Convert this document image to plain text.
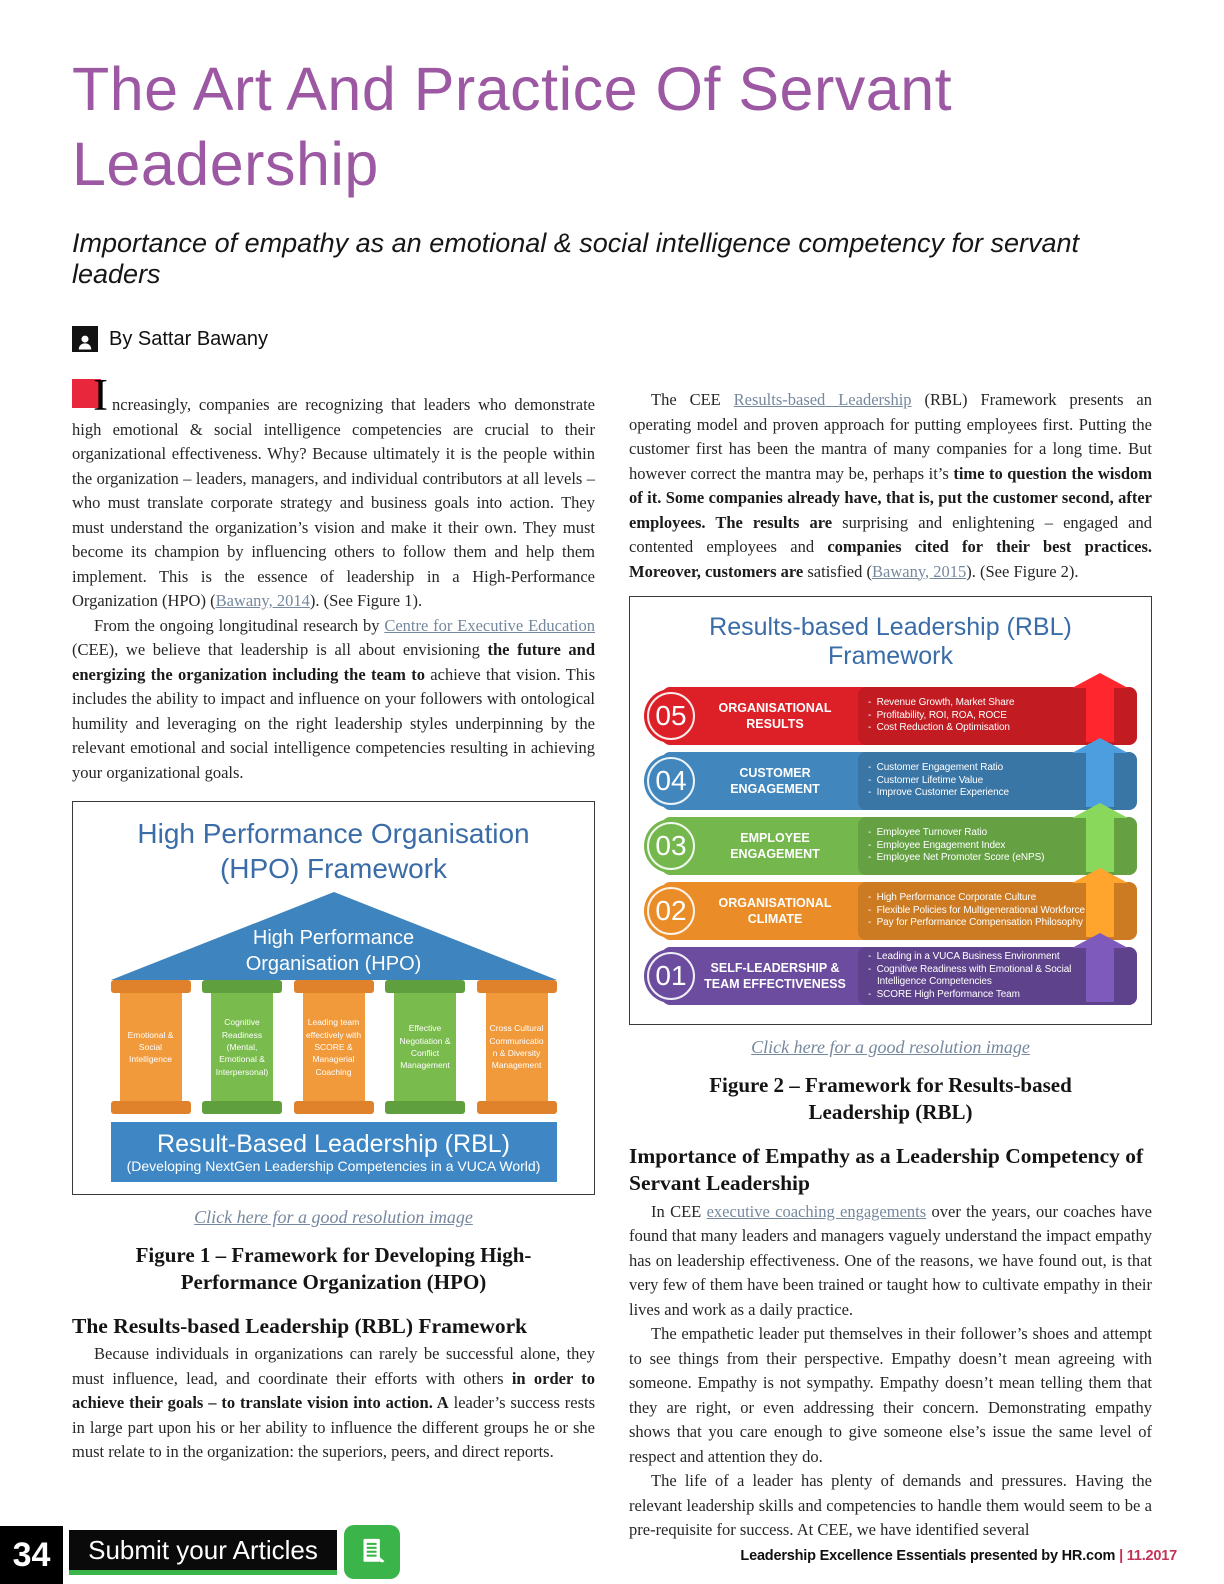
The Art And Practice Of Servant Leadership
Importance of empathy as an emotional & social intelligence competency for servant leaders
By Sattar Bawany

I ncreasingly, companies are recognizing that leaders who demonstrate high emotional & social intelligence competencies are crucial to their organizational effectiveness. Why? Because ultimately it is the people within the organization – leaders, managers, and individual contributors at all levels – who must translate corporate strategy and business goals into action. They must understand the organization’s vision and make it their own. They must become its champion by influencing others to follow them and help them implement. This is the essence of leadership in a High-Performance Organization (HPO) (Bawany, 2014). (See Figure 1).

From the ongoing longitudinal research by Centre for Executive Education (CEE), we believe that leadership is all about envisioning the future and energizing the organization including the team to achieve that vision. This includes the ability to impact and influence on your followers with ontological humility and leveraging on the right leadership styles underpinning by the relevant emotional and social intelligence competencies resulting in achieving your organizational goals.

High Performance Organisation
(HPO) Framework
High Performance
Organisation (HPO)
Emotional & Social Intelligence
Cognitive Readiness (Mental, Emotional & Interpersonal)
Leading team effectively with SCORE & Managerial Coaching
Effective Negotiation & Conflict Management
Cross Cultural Communicatio n & Diversity Management
Result-Based Leadership (RBL)
(Developing NextGen Leadership Competencies in a VUCA World)
Click here for a good resolution image
Figure 1 – Framework for Developing High-Performance Organization (HPO)
The Results-based Leadership (RBL) Framework

Because individuals in organizations can rarely be successful alone, they must influence, lead, and coordinate their efforts with others in order to achieve their goals – to translate vision into action. A leader’s success rests in large part upon his or her ability to influence the different groups he or she must relate to in the organization: the superiors, peers, and direct reports.

The CEE Results-based Leadership (RBL) Framework presents an operating model and proven approach for putting employees first. Putting the customer first has been the mantra of many companies for a long time. But however correct the mantra may be, perhaps it’s time to question the wisdom of it. Some companies already have, that is, put the customer second, after employees. The results are surprising and enlightening – engaged and contented employees and companies cited for their best practices. Moreover, customers are satisfied (Bawany, 2015). (See Figure 2).

Results-based Leadership (RBL) Framework
ORGANISATIONAL RESULTS
- Revenue Growth, Market Share
- Profitability, ROI, ROA, ROCE
- Cost Reduction & Optimisation
05
CUSTOMER ENGAGEMENT
- Customer Engagement Ratio
- Customer Lifetime Value
- Improve Customer Experience
04
EMPLOYEE ENGAGEMENT
- Employee Turnover Ratio
- Employee Engagement Index
- Employee Net Promoter Score (eNPS)
03
ORGANISATIONAL CLIMATE
- High Performance Corporate Culture
- Flexible Policies for Multigenerational Workforce
- Pay for Performance Compensation Philosophy
02
SELF-LEADERSHIP & TEAM EFFECTIVENESS
- Leading in a VUCA Business Environment
- Cognitive Readiness with Emotional & Social Intelligence Competencies
- SCORE High Performance Team
01
Click here for a good resolution image
Figure 2 – Framework for Results-based
Leadership (RBL)
Importance of Empathy as a Leadership Competency of Servant Leadership

In CEE executive coaching engagements over the years, our coaches have found that many leaders and managers vaguely understand the impact empathy has on leadership effectiveness. One of the reasons, we have found out, is that very few of them have been trained or taught how to cultivate empathy in their lives and work as a daily practice.

The empathetic leader put themselves in their follower’s shoes and attempt to see things from their perspective. Empathy doesn’t mean agreeing with someone. Empathy is not sympathy. Empathy doesn’t mean telling them that they are right, or even addressing their concern. Demonstrating empathy shows that you care enough to give someone else’s issue the same level of respect and attention they do.

The life of a leader has plenty of demands and pressures. Having the relevant leadership skills and competencies to handle them would seem to be a pre-requisite for success. At CEE, we have identified several

34	Submit your Articles	Leadership Excellence Essentials presented by HR.com | 11.2017
